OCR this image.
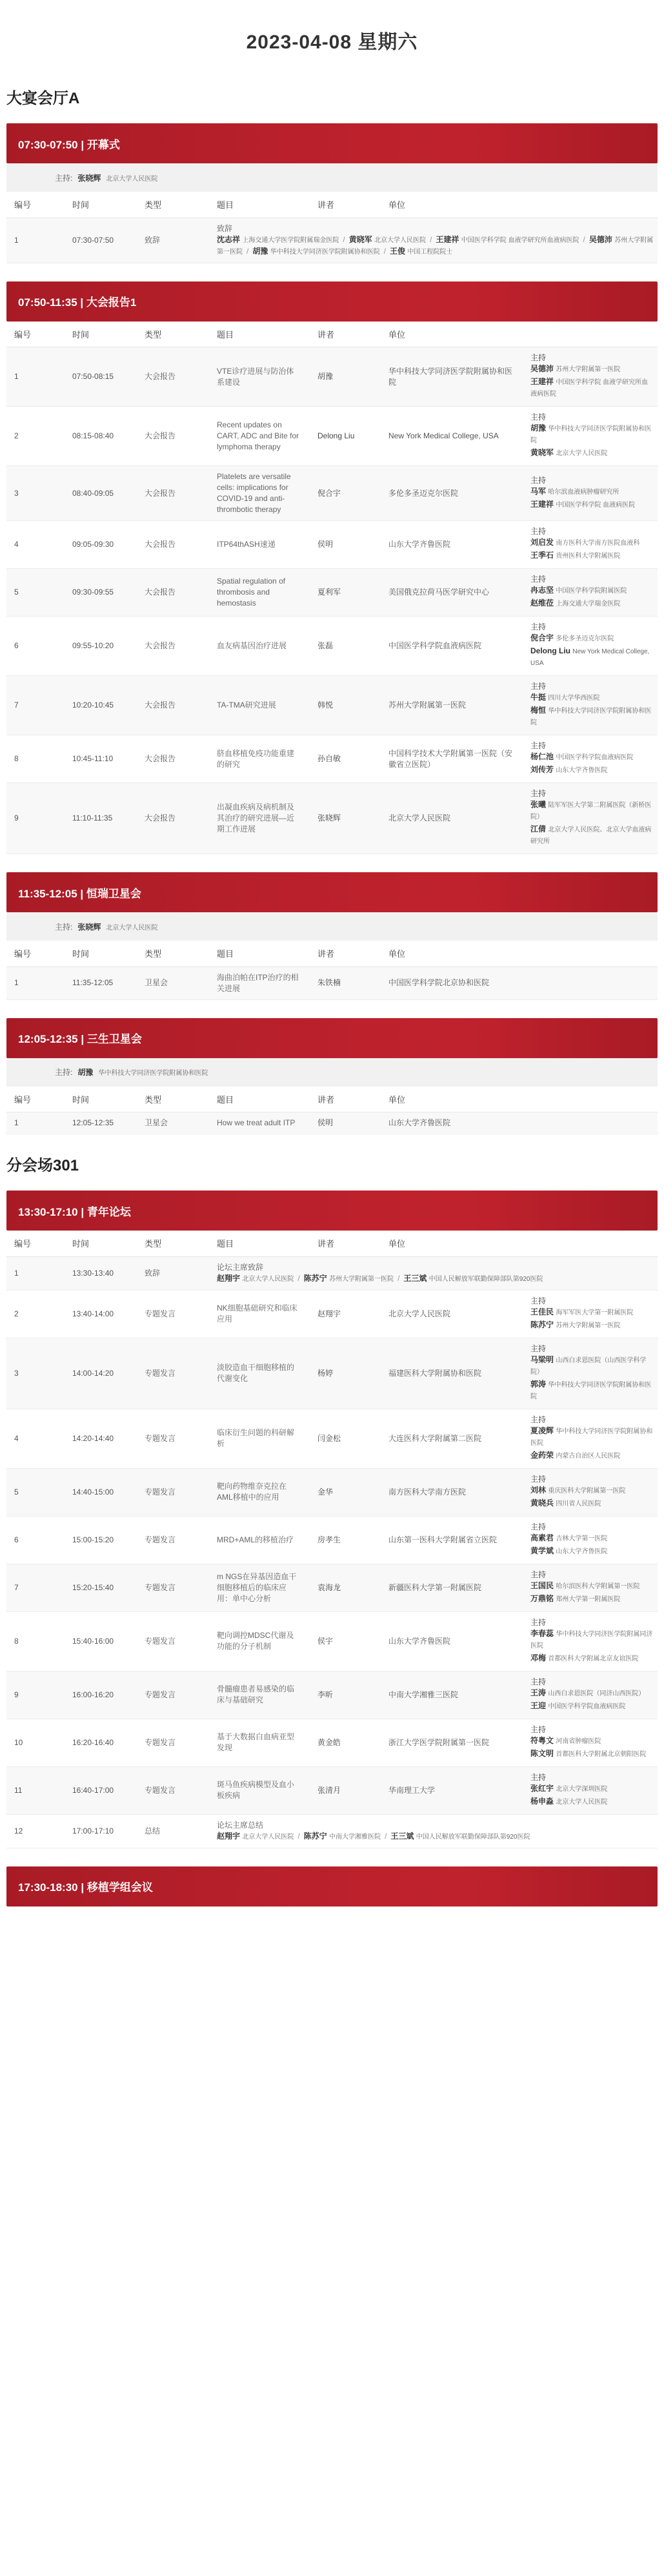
2023-04-08 星期六
大宴会厅A
07:30-07:50 | 开幕式
主持: 张晓辉 北京大学人民医院
编号	时间	类型	题目	讲者	单位	
1	07:30-07:50	致辞	致辞
沈志祥 上海交通大学医学院附属瑞金医院 / 黄晓军 北京大学人民医院 / 王建祥 中国医学科学院 血液学研究所血液病医院 / 吴德沛 苏州大学附属第一医院 / 胡豫 华中科技大学同济医学院附属协和医院 / 王俊 中国工程院院士			
07:50-11:35 | 大会报告1
编号	时间	类型	题目	讲者	单位	
1	07:50-08:15	大会报告	VTE诊疗进展与防治体系建设	胡豫	华中科技大学同济医学院附属协和医院	主持
吴德沛 苏州大学附属第一医院
王建祥 中国医学科学院 血液学研究所血液病医院

2	08:15-08:40	大会报告	Recent updates on CART, ADC and Bite for lymphoma therapy	Delong Liu	New York Medical College, USA	主持
胡豫 华中科技大学同济医学院附属协和医院
黄晓军 北京大学人民医院

3	08:40-09:05	大会报告	Platelets are versatile cells: implications for COVID-19 and anti-thrombotic therapy	倪合宇	多伦多圣迈克尔医院	主持
马军 哈尔滨血液病肿瘤研究所
王建祥 中国医学科学院 血液病医院

4	09:05-09:30	大会报告	ITP64thASH速递	侯明	山东大学齐鲁医院	主持
刘启发 南方医科大学南方医院血液科
王季石 贵州医科大学附属医院

5	09:30-09:55	大会报告	Spatial regulation of thrombosis and hemostasis	夏利军	美国俄克拉荷马医学研究中心	主持
冉志坚 中国医学科学院附属医院
赵维莅 上海交通大学瑞金医院

6	09:55-10:20	大会报告	血友病基因治疗进展	张磊	中国医学科学院血液病医院	主持
倪合宇 多伦多圣迈克尔医院
Delong Liu New York Medical College, USA

7	10:20-10:45	大会报告	TA-TMA研究进展	韩悦	苏州大学附属第一医院	主持
牛挺 四川大学华西医院
梅恒 华中科技大学同济医学院附属协和医院

8	10:45-11:10	大会报告	脐血移植免疫功能重建的研究	孙自敏	中国科学技术大学附属第一医院（安徽省立医院）	主持
杨仁池 中国医学科学院血液病医院
刘传芳 山东大学齐鲁医院

9	11:10-11:35	大会报告	出凝血疾病及病机制及其治疗的研究进展—近期工作进展	张晓辉	北京大学人民医院	主持
张曦 陆军军医大学第二附属医院（新桥医院）
江倩 北京大学人民医院、北京大学血液病研究所
11:35-12:05 | 恒瑞卫星会
主持: 张晓辉 北京大学人民医院
编号	时间	类型	题目	讲者	单位	
1	11:35-12:05	卫星会	海曲泊帕在ITP治疗的相关进展	朱铁楠	中国医学科学院北京协和医院	
12:05-12:35 | 三生卫星会
主持: 胡豫 华中科技大学同济医学院附属协和医院
编号	时间	类型	题目	讲者	单位	
1	12:05-12:35	卫星会	How we treat adult ITP	侯明	山东大学齐鲁医院	
分会场301
13:30-17:10 | 青年论坛
编号	时间	类型	题目	讲者	单位	
1	13:30-13:40	致辞	论坛主席致辞
赵翔宇 北京大学人民医院 / 陈苏宁 苏州大学附属第一医院 / 王三斌 中国人民解放军联勤保障部队第920医院			

2	13:40-14:00	专题发言	NK细胞基础研究和临床应用	赵翔宇	北京大学人民医院	主持
王佳民 海军军医大学第一附属医院
陈苏宁 苏州大学附属第一医院

3	14:00-14:20	专题发言	淡胶造血干细胞移植的代谢变化	杨婷	福建医科大学附属协和医院	主持
马梁明 山西白求恩医院（山西医学科学院）
郭涛 华中科技大学同济医学院附属协和医院

4	14:20-14:40	专题发言	临床衍生问题的科研解析	闫金松	大连医科大学附属第二医院	主持
夏凌辉 华中科技大学同济医学院附属协和医院
金药荣 内蒙古自治区人民医院

5	14:40-15:00	专题发言	靶向药物维奈克拉在AML移植中的应用	金华	南方医科大学南方医院	主持
刘林 重庆医科大学附属第一医院
黄晓兵 四川省人民医院

6	15:00-15:20	专题发言	MRD+AML的移植治疗	房孝生	山东第一医科大学附属省立医院	主持
高素君 吉林大学第一医院
黄学斌 山东大学齐鲁医院

7	15:20-15:40	专题发言	m NGS在异基因造血干细胞移植后的临床应用：单中心分析	袁海龙	新疆医科大学第一附属医院	主持
王国民 哈尔滨医科大学附属第一医院
万鼎铭 郑州大学第一附属医院

8	15:40-16:00	专题发言	靶向调控MDSC代谢及功能的分子机制	侯宇	山东大学齐鲁医院	主持
李春蕊 华中科技大学同济医学院附属同济医院
邓梅 首都医科大学附属北京友谊医院

9	16:00-16:20	专题发言	骨髓瘤患者易感染的临床与基础研究	李昕	中南大学湘雅三医院	主持
王涛 山西白求恩医院（同济山西医院）
王迎 中国医学科学院血液病医院

10	16:20-16:40	专题发言	基于大数据白血病亚型发现	黄金皓	浙江大学医学院附属第一医院	主持
符粤文 河南省肿瘤医院
陈文明 首都医科大学附属北京朝阳医院

11	16:40-17:00	专题发言	斑马鱼疾病模型及血小板疾病	张清月	华南理工大学	主持
张红宇 北京大学深圳医院
杨申淼 北京大学人民医院

12	17:00-17:10	总结	论坛主席总结
赵翔宇 北京大学人民医院 / 陈苏宁 中南大学湘雅医院 / 王三斌 中国人民解放军联勤保障部队第920医院			
17:30-18:30 | 移植学组会议
